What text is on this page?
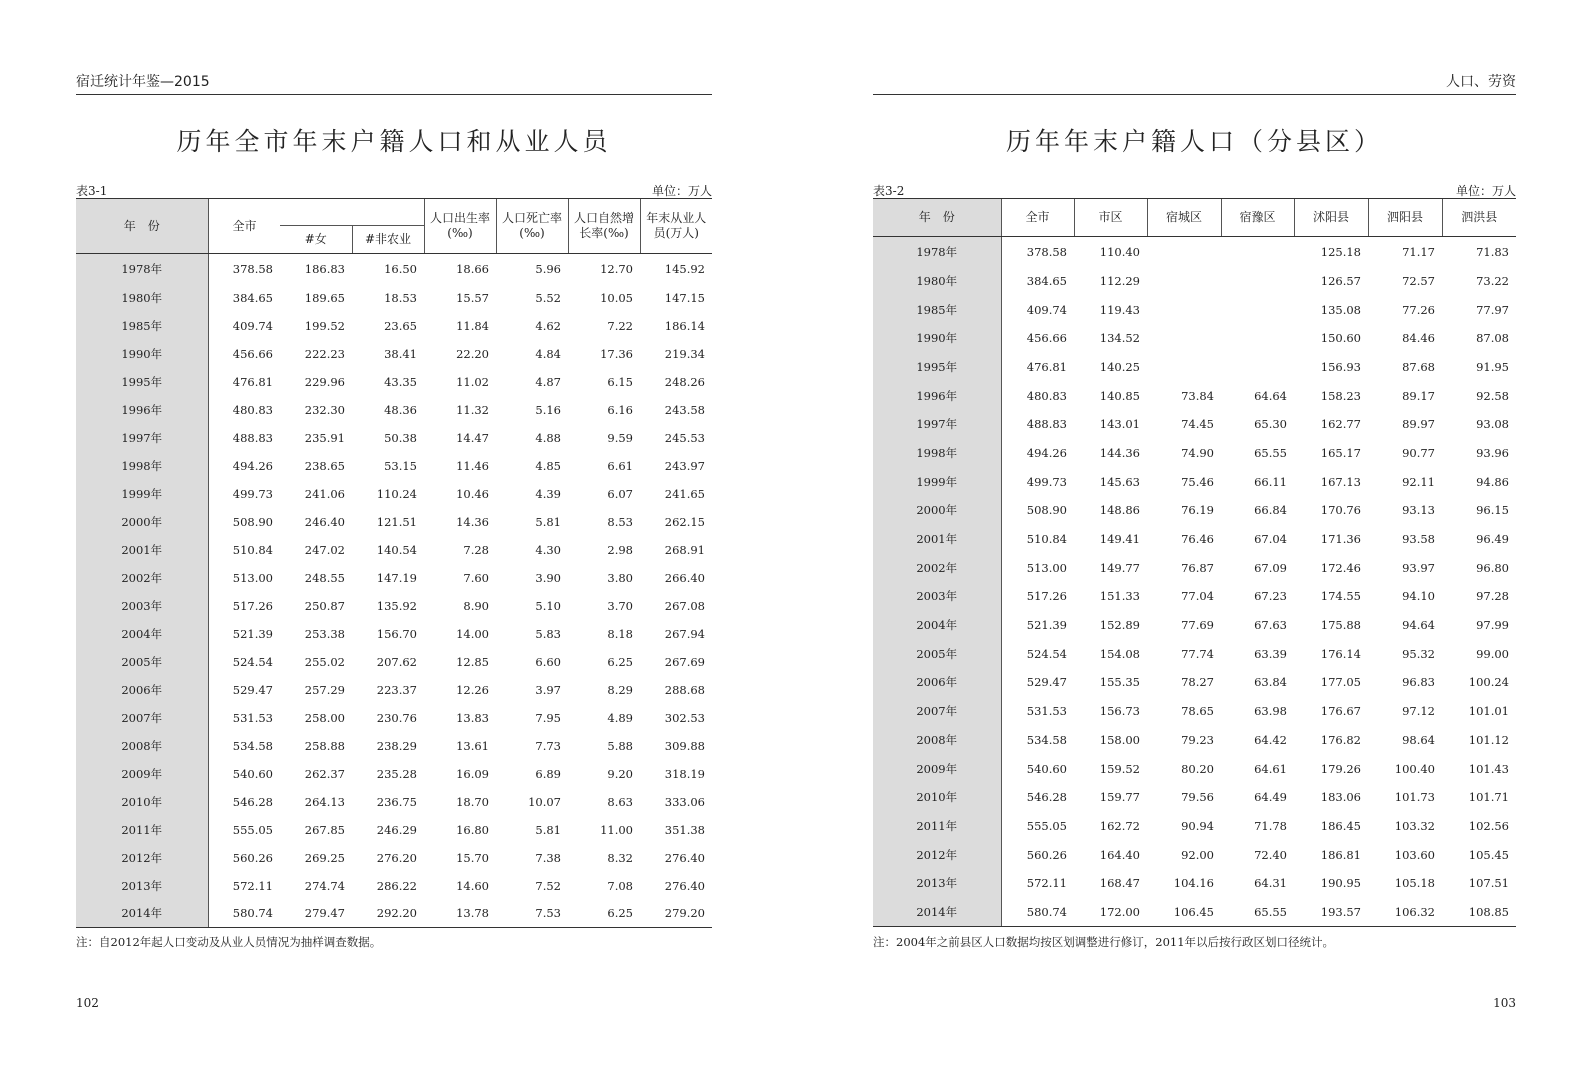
宿迁统计年鉴—2015
历年全市年末户籍人口和从业人员
表3-1	单位：万人
年　份	全市			人口出生率(‰)	人口死亡率(‰)	人口自然增长率(‰)	年末从业人员(万人)
		#女	#非农业				
1978年	378.58	186.83	16.50	18.66	5.96	12.70	145.92
1980年	384.65	189.65	18.53	15.57	5.52	10.05	147.15
1985年	409.74	199.52	23.65	11.84	4.62	7.22	186.14
1990年	456.66	222.23	38.41	22.20	4.84	17.36	219.34
1995年	476.81	229.96	43.35	11.02	4.87	6.15	248.26
1996年	480.83	232.30	48.36	11.32	5.16	6.16	243.58
1997年	488.83	235.91	50.38	14.47	4.88	9.59	245.53
1998年	494.26	238.65	53.15	11.46	4.85	6.61	243.97
1999年	499.73	241.06	110.24	10.46	4.39	6.07	241.65
2000年	508.90	246.40	121.51	14.36	5.81	8.53	262.15
2001年	510.84	247.02	140.54	7.28	4.30	2.98	268.91
2002年	513.00	248.55	147.19	7.60	3.90	3.80	266.40
2003年	517.26	250.87	135.92	8.90	5.10	3.70	267.08
2004年	521.39	253.38	156.70	14.00	5.83	8.18	267.94
2005年	524.54	255.02	207.62	12.85	6.60	6.25	267.69
2006年	529.47	257.29	223.37	12.26	3.97	8.29	288.68
2007年	531.53	258.00	230.76	13.83	7.95	4.89	302.53
2008年	534.58	258.88	238.29	13.61	7.73	5.88	309.88
2009年	540.60	262.37	235.28	16.09	6.89	9.20	318.19
2010年	546.28	264.13	236.75	18.70	10.07	8.63	333.06
2011年	555.05	267.85	246.29	16.80	5.81	11.00	351.38
2012年	560.26	269.25	276.20	15.70	7.38	8.32	276.40
2013年	572.11	274.74	286.22	14.60	7.52	7.08	276.40
2014年	580.74	279.47	292.20	13.78	7.53	6.25	279.20
注：自2012年起人口变动及从业人员情况为抽样调查数据。
102
人口、劳资
历年年末户籍人口（分县区）
表3-2	单位：万人
年　份	全市	市区	宿城区	宿豫区	沭阳县	泗阳县	泗洪县
1978年	378.58	110.40			125.18	71.17	71.83
1980年	384.65	112.29			126.57	72.57	73.22
1985年	409.74	119.43			135.08	77.26	77.97
1990年	456.66	134.52			150.60	84.46	87.08
1995年	476.81	140.25			156.93	87.68	91.95
1996年	480.83	140.85	73.84	64.64	158.23	89.17	92.58
1997年	488.83	143.01	74.45	65.30	162.77	89.97	93.08
1998年	494.26	144.36	74.90	65.55	165.17	90.77	93.96
1999年	499.73	145.63	75.46	66.11	167.13	92.11	94.86
2000年	508.90	148.86	76.19	66.84	170.76	93.13	96.15
2001年	510.84	149.41	76.46	67.04	171.36	93.58	96.49
2002年	513.00	149.77	76.87	67.09	172.46	93.97	96.80
2003年	517.26	151.33	77.04	67.23	174.55	94.10	97.28
2004年	521.39	152.89	77.69	67.63	175.88	94.64	97.99
2005年	524.54	154.08	77.74	63.39	176.14	95.32	99.00
2006年	529.47	155.35	78.27	63.84	177.05	96.83	100.24
2007年	531.53	156.73	78.65	63.98	176.67	97.12	101.01
2008年	534.58	158.00	79.23	64.42	176.82	98.64	101.12
2009年	540.60	159.52	80.20	64.61	179.26	100.40	101.43
2010年	546.28	159.77	79.56	64.49	183.06	101.73	101.71
2011年	555.05	162.72	90.94	71.78	186.45	103.32	102.56
2012年	560.26	164.40	92.00	72.40	186.81	103.60	105.45
2013年	572.11	168.47	104.16	64.31	190.95	105.18	107.51
2014年	580.74	172.00	106.45	65.55	193.57	106.32	108.85
注：2004年之前县区人口数据均按区划调整进行修订，2011年以后按行政区划口径统计。
103
